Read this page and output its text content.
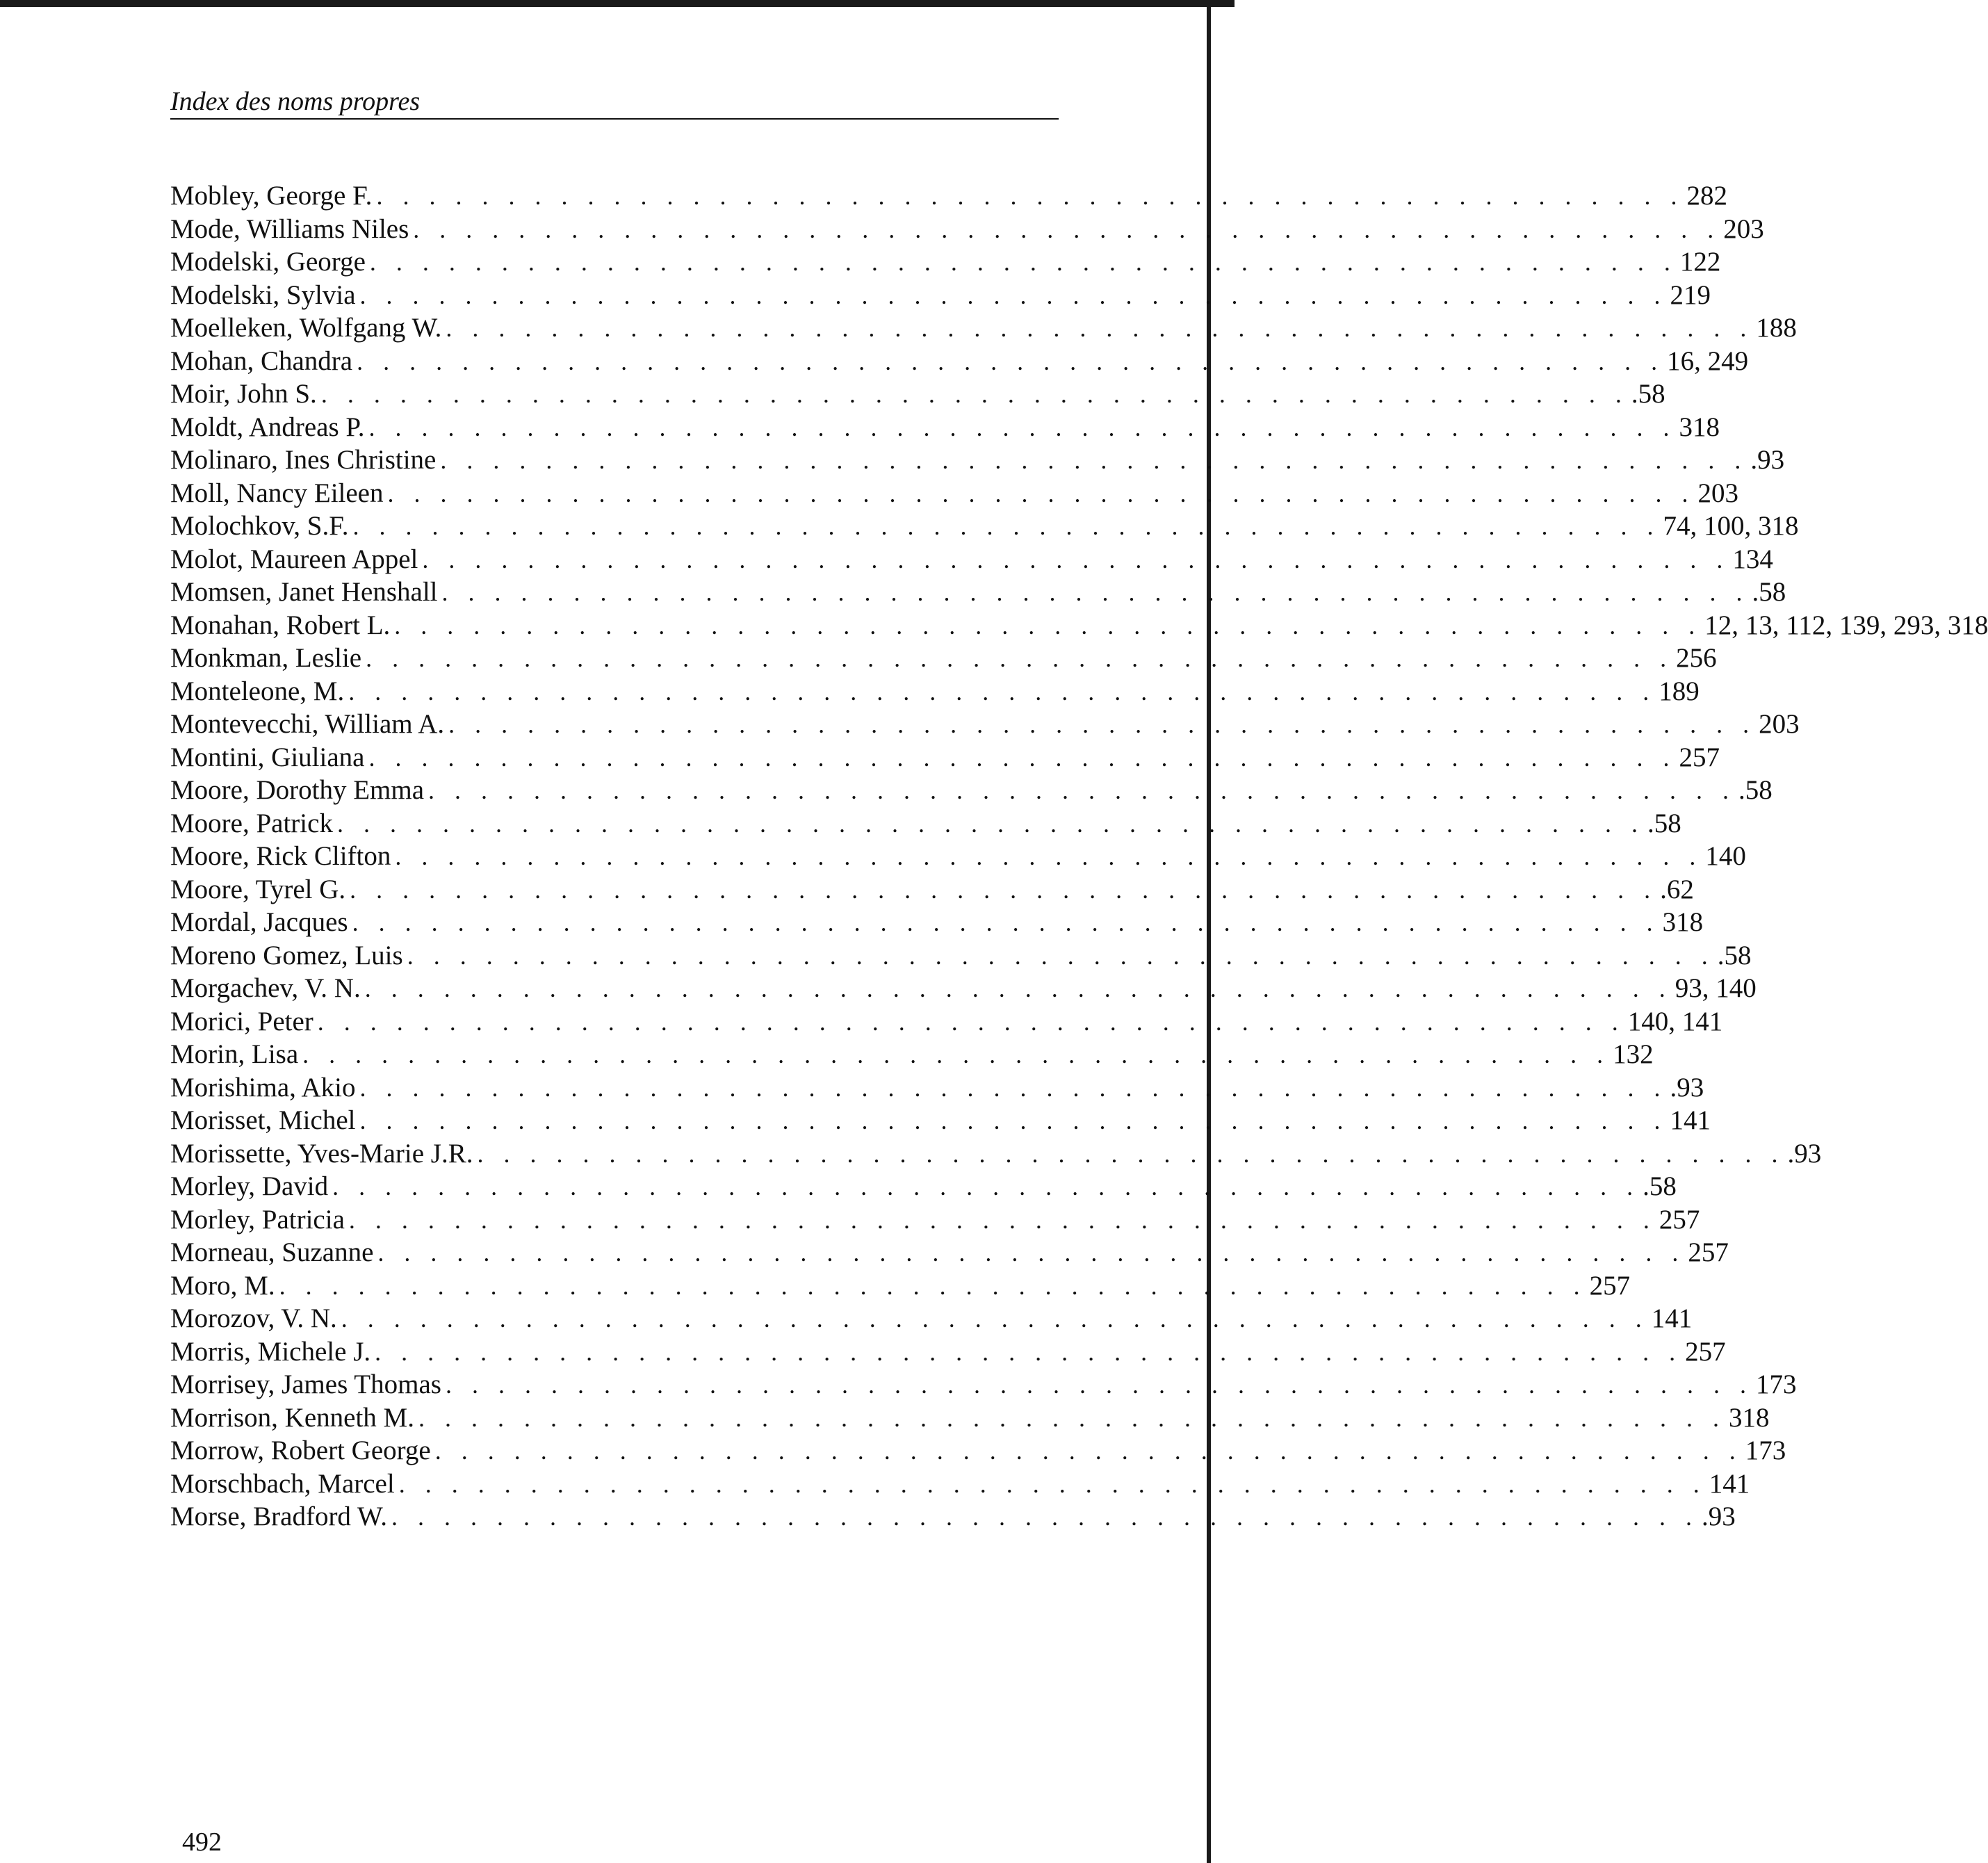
Index des noms propres
Mobley, George F. . . . . . . . . . . . . . . . . . . . . . . . . . . . . . . . . . . . . . . . . . . . . . . . . . . 282
Mode, Williams Niles . . . . . . . . . . . . . . . . . . . . . . . . . . . . . . . . . . . . . . . . . . . . . . . . . . 203
Modelski, George . . . . . . . . . . . . . . . . . . . . . . . . . . . . . . . . . . . . . . . . . . . . . . . . . . 122
Modelski, Sylvia . . . . . . . . . . . . . . . . . . . . . . . . . . . . . . . . . . . . . . . . . . . . . . . . . . 219
Moelleken, Wolfgang W. . . . . . . . . . . . . . . . . . . . . . . . . . . . . . . . . . . . . . . . . . . . . . . . . . . 188
Mohan, Chandra . . . . . . . . . . . . . . . . . . . . . . . . . . . . . . . . . . . . . . . . . . . . . . . . . . 16, 249
Moir, John S. . . . . . . . . . . . . . . . . . . . . . . . . . . . . . . . . . . . . . . . . . . . . . . . . . . .58
Moldt, Andreas P. . . . . . . . . . . . . . . . . . . . . . . . . . . . . . . . . . . . . . . . . . . . . . . . . . . 318
Molinaro, Ines Christine . . . . . . . . . . . . . . . . . . . . . . . . . . . . . . . . . . . . . . . . . . . . . . . . . . .93
Moll, Nancy Eileen . . . . . . . . . . . . . . . . . . . . . . . . . . . . . . . . . . . . . . . . . . . . . . . . . . 203
Molochkov, S.F. . . . . . . . . . . . . . . . . . . . . . . . . . . . . . . . . . . . . . . . . . . . . . . . . . . 74, 100, 318
Molot, Maureen Appel . . . . . . . . . . . . . . . . . . . . . . . . . . . . . . . . . . . . . . . . . . . . . . . . . . 134
Momsen, Janet Henshall . . . . . . . . . . . . . . . . . . . . . . . . . . . . . . . . . . . . . . . . . . . . . . . . . . .58
Monahan, Robert L. . . . . . . . . . . . . . . . . . . . . . . . . . . . . . . . . . . . . . . . . . . . . . . . . . . 12, 13, 112, 139, 293, 318
Monkman, Leslie . . . . . . . . . . . . . . . . . . . . . . . . . . . . . . . . . . . . . . . . . . . . . . . . . . 256
Monteleone, M. . . . . . . . . . . . . . . . . . . . . . . . . . . . . . . . . . . . . . . . . . . . . . . . . . . 189
Montevecchi, William A. . . . . . . . . . . . . . . . . . . . . . . . . . . . . . . . . . . . . . . . . . . . . . . . . . . 203
Montini, Giuliana . . . . . . . . . . . . . . . . . . . . . . . . . . . . . . . . . . . . . . . . . . . . . . . . . . 257
Moore, Dorothy Emma . . . . . . . . . . . . . . . . . . . . . . . . . . . . . . . . . . . . . . . . . . . . . . . . . . .58
Moore, Patrick . . . . . . . . . . . . . . . . . . . . . . . . . . . . . . . . . . . . . . . . . . . . . . . . . . .58
Moore, Rick Clifton . . . . . . . . . . . . . . . . . . . . . . . . . . . . . . . . . . . . . . . . . . . . . . . . . . 140
Moore, Tyrel G. . . . . . . . . . . . . . . . . . . . . . . . . . . . . . . . . . . . . . . . . . . . . . . . . . . .62
Mordal, Jacques . . . . . . . . . . . . . . . . . . . . . . . . . . . . . . . . . . . . . . . . . . . . . . . . . . 318
Moreno Gomez, Luis . . . . . . . . . . . . . . . . . . . . . . . . . . . . . . . . . . . . . . . . . . . . . . . . . . .58
Morgachev, V. N. . . . . . . . . . . . . . . . . . . . . . . . . . . . . . . . . . . . . . . . . . . . . . . . . . . 93, 140
Morici, Peter . . . . . . . . . . . . . . . . . . . . . . . . . . . . . . . . . . . . . . . . . . . . . . . . . . 140, 141
Morin, Lisa . . . . . . . . . . . . . . . . . . . . . . . . . . . . . . . . . . . . . . . . . . . . . . . . . . 132
Morishima, Akio . . . . . . . . . . . . . . . . . . . . . . . . . . . . . . . . . . . . . . . . . . . . . . . . . . .93
Morisset, Michel . . . . . . . . . . . . . . . . . . . . . . . . . . . . . . . . . . . . . . . . . . . . . . . . . . 141
Morissette, Yves-Marie J.R. . . . . . . . . . . . . . . . . . . . . . . . . . . . . . . . . . . . . . . . . . . . . . . . . . . .93
Morley, David . . . . . . . . . . . . . . . . . . . . . . . . . . . . . . . . . . . . . . . . . . . . . . . . . . .58
Morley, Patricia . . . . . . . . . . . . . . . . . . . . . . . . . . . . . . . . . . . . . . . . . . . . . . . . . . 257
Morneau, Suzanne . . . . . . . . . . . . . . . . . . . . . . . . . . . . . . . . . . . . . . . . . . . . . . . . . . 257
Moro, M. . . . . . . . . . . . . . . . . . . . . . . . . . . . . . . . . . . . . . . . . . . . . . . . . . . 257
Morozov, V. N. . . . . . . . . . . . . . . . . . . . . . . . . . . . . . . . . . . . . . . . . . . . . . . . . . . 141
Morris, Michele J. . . . . . . . . . . . . . . . . . . . . . . . . . . . . . . . . . . . . . . . . . . . . . . . . . . 257
Morrisey, James Thomas . . . . . . . . . . . . . . . . . . . . . . . . . . . . . . . . . . . . . . . . . . . . . . . . . . 173
Morrison, Kenneth M. . . . . . . . . . . . . . . . . . . . . . . . . . . . . . . . . . . . . . . . . . . . . . . . . . . 318
Morrow, Robert George . . . . . . . . . . . . . . . . . . . . . . . . . . . . . . . . . . . . . . . . . . . . . . . . . . 173
Morschbach, Marcel . . . . . . . . . . . . . . . . . . . . . . . . . . . . . . . . . . . . . . . . . . . . . . . . . . 141
Morse, Bradford W. . . . . . . . . . . . . . . . . . . . . . . . . . . . . . . . . . . . . . . . . . . . . . . . . . . .93
492
